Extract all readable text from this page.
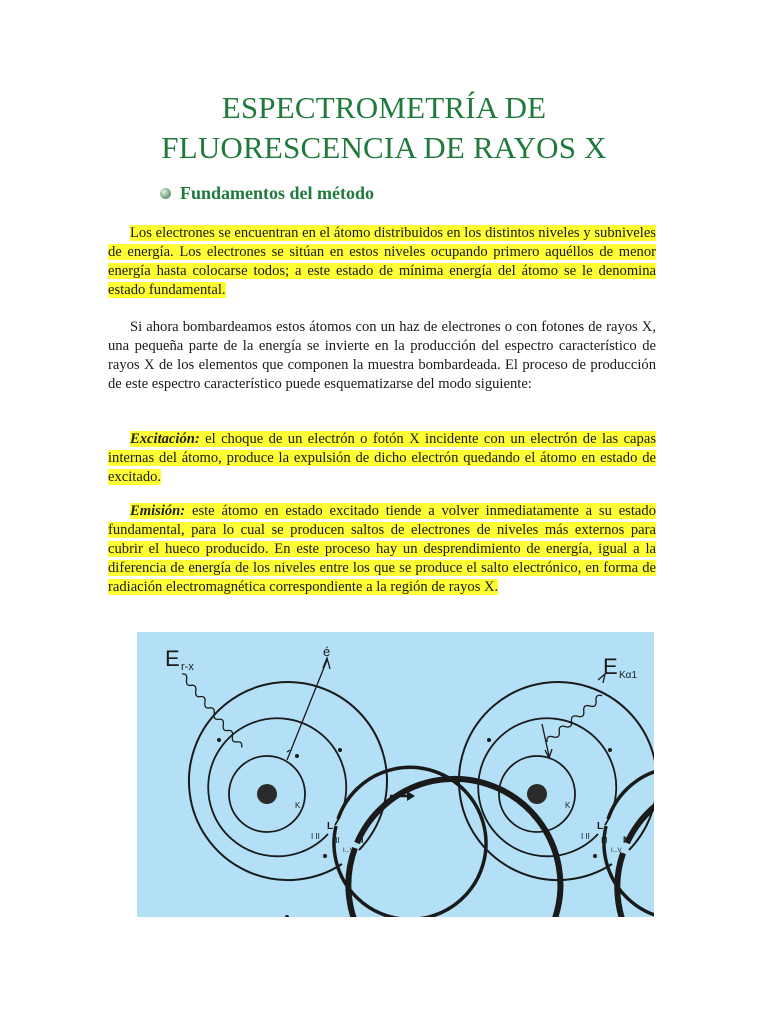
ESPECTROMETRÍA DE
FLUORESCENCIA DE RAYOS X
Fundamentos del método
Los electrones se encuentran en el átomo distribuidos en los distintos niveles y subniveles de energía. Los electrones se sitúan en estos niveles ocupando primero aquéllos de menor energía hasta colocarse todos; a este estado de mínima energía del átomo se le denomina estado fundamental.
Si ahora bombardeamos estos átomos con un haz de electrones o con fotones de rayos X, una pequeña parte de la energía se invierte en la producción del espectro característico de rayos X de los elementos que componen la muestra bombardeada. El proceso de producción de este espectro característico puede esquematizarse del modo siguiente:
Excitación: el choque de un electrón o fotón X incidente con un electrón de las capas internas del átomo, produce la expulsión de dicho electrón quedando el átomo en estado de excitado.
Emisión: este átomo en estado excitado tiende a volver inmediatamente a su estado fundamental, para lo cual se producen saltos de electrones de niveles más externos para cubrir el hueco producido. En este proceso hay un desprendimiento de energía, igual a la diferencia de energía de los niveles entre los que se produce el salto electrónico, en forma de radiación electromagnética correspondiente a la región de rayos X.
E r-x
é
K
L
I II III M
I...V
E Kα1
K
L
I II III M
I...V
